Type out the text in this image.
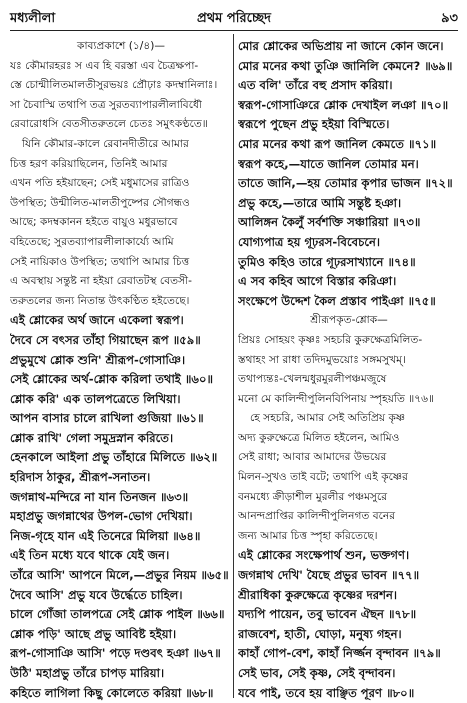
মধ্যলীলা	প্রথম পরিচ্ছেদ	৯৩
কাব্যপ্রকাশে (১/৪)—
যঃ কৌমারহরঃ স এব হি বরস্তা এব চৈত্রক্ষপা-
স্তে চোন্মীলিতমালতীসুরভয়ঃ প্রৌঢ়াঃ কদম্বানিলাঃ।
সা চৈবাস্মি তথাপি তত্র সুরতব্যাপারলীলাবিধৌ
রেবারোধসি বেতসীতরুতলে চেতঃ সমুৎকণ্ঠতে॥
যিনি কৌমার-কালে রেবানদীতীরে আমার
চিত্ত হরণ করিয়াছিলেন, তিনিই আমার
এখন পতি হইয়াছেন; সেই মধুমাসের রাত্রিও
উপস্থিত; উন্মীলিত-মালতীপুষ্পের সৌগন্ধও
আছে; কদম্বকানন হইতে বায়ুও মধুরভাবে
বহিতেছে; সুরতব্যাপারলীলাকার্য্যে আমি
সেই নায়িকাও উপস্থিত; তথাপি আমার চিত্ত
এ অবস্থায় সন্তুষ্ট না হইয়া রেবাতটস্থ বেতসী-
তরুতলের জন্য নিতান্ত উৎকণ্ঠিত হইতেছে।
এই শ্লোকের অর্থ জানে একেলা স্বরূপ।
দৈবে সে বৎসর তাঁহা গিয়াছেন রূপ ॥৫৯॥
প্রভুমুখে শ্লোক শুনি' শ্রীরূপ-গোসাঞি।
সেই শ্লোকের অর্থ-শ্লোক করিলা তথাই ॥৬০॥
শ্লোক করি' এক তালপত্রেতে লিখিয়া।
আপন বাসার চালে রাখিলা গুজিয়া ॥৬১॥
শ্লোক রাখি' গেলা সমুদ্রস্নান করিতে।
হেনকালে আইলা প্রভু তাঁহারে মিলিতে ॥৬২॥
হরিদাস ঠাকুর, শ্রীরূপ-সনাতন।
জগন্নাথ-মন্দিরে না যান তিনজন ॥৬৩॥
মহাপ্রভু জগন্নাথের উপল-ভোগ দেখিয়া।
নিজ-গৃহে যান এই তিনেরে মিলিয়া ॥৬৪॥
এই তিন মধ্যে যবে থাকে যেই জন।
তাঁরে আসি' আপনে মিলে,—প্রভুর নিয়ম ॥৬৫॥
দৈবে আসি' প্রভু যবে উর্দ্ধেতে চাহিল।
চালে গোঁজা তালপত্রে সেই শ্লোক পাইল ॥৬৬॥
শ্লোক পড়ি' আছে প্রভু আবিষ্ট হইয়া।
রূপ-গোসাঞি আসি' পড়ে দণ্ডবৎ হঞা ॥৬৭॥
উঠি' মহাপ্রভু তাঁরে চাপড় মারিয়া।
কহিতে লাগিলা কিছু কোলেতে করিয়া ॥৬৮॥
মোর শ্লোকের অভিপ্রায় না জানে কোন জনে।
মোর মনের কথা তুঞি জানিলি কেমনে? ॥৬৯॥
এত বলি' তাঁরে বহু প্রসাদ করিয়া।
স্বরূপ-গোসাঞিরে শ্লোক দেখাইল লঞা ॥৭০॥
স্বরূপে পুছেন প্রভু হইয়া বিস্মিতে।
মোর মনের কথা রূপ জানিল কেমতে ॥৭১॥
স্বরূপ কহে,—যাতে জানিল তোমার মন।
তাতে জানি,—হয় তোমার কৃপার ভাজন ॥৭২॥
প্রভু কহে,—তারে আমি সন্তুষ্ট হঞা।
আলিঙ্গন কৈলুঁ সর্বশক্তি সঞ্চারিয়া ॥৭৩॥
যোগ্যপাত্র হয় গূঢ়রস-বিবেচনে।
তুমিও কহিও তারে গূঢ়রসাখ্যানে ॥৭৪॥
এ সব কহিব আগে বিস্তার করিঞা।
সংক্ষেপে উদ্দেশ কৈল প্রস্তাব পাইঞা ॥৭৫॥
শ্রীরূপকৃত-শ্লোক—
প্রিয়ঃ সোহয়ং কৃষ্ণঃ সহচরি কুরুক্ষেত্রমিলিত-
স্তথাহং সা রাধা তদিদমুভয়োঃ সঙ্গমসুখম্।
তথাপ্যন্তঃ-খেলন্মধুরমুরলীপঞ্চমজুষে
মনো মে কালিন্দীপুলিনবিপিনায় স্পৃহয়তি ॥৭৬॥
হে সহচরি, আমার সেই অতিপ্রিয় কৃষ্ণ
অদ্য কুরুক্ষেত্রে মিলিত হইলেন, আমিও
সেই রাধা; আবার আমাদের উভয়ের
মিলন-সুখও তাই বটে; তথাপি এই কৃষ্ণের
বনমধ্যে ক্রীড়াশীল মুরলীর পঞ্চমসুরে
আনন্দপ্রাপ্তির কালিন্দীপুলিনগত বনের
জন্য আমার চিত্ত স্পৃহা করিতেছে।
এই শ্লোকের সংক্ষেপার্থ শুন, ভক্তগণ।
জগন্নাথ দেখি' যৈছে প্রভুর ভাবন ॥৭৭॥
শ্রীরাধিকা কুরুক্ষেত্রে কৃষ্ণের দরশন।
যদ্যপি পায়েন, তবু ভাবেন ঐছন ॥৭৮॥
রাজবেশ, হাতী, ঘোড়া, মনুষ্য গহন।
কাহাঁ গোপ-বেশ, কাহাঁ নির্জ্জন বৃন্দাবন ॥৭৯॥
সেই ভাব, সেই কৃষ্ণ, সেই বৃন্দাবন।
যবে পাই, তবে হয় বাঞ্ছিত পূরণ ॥৮০॥
